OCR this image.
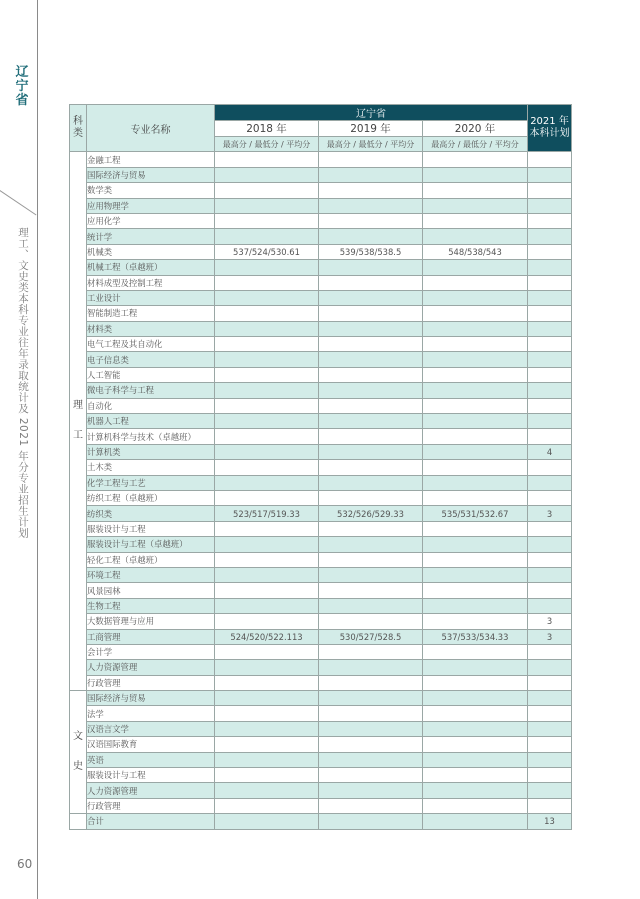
辽宁省
理工、文史类本科专业往年录取统计及 2021 年分专业招生计划
60
科
类	专业名称	辽宁省			2021 年
本科计划
		2018 年	2019 年	2020 年	
		最高分 / 最低分 / 平均分	最高分 / 最低分 / 平均分	最高分 / 最低分 / 平均分	

理
工	金融工程				
	国际经济与贸易				
	数学类				
	应用物理学				
	应用化学				
	统计学				
	机械类	537/524/530.61	539/538/538.5	548/538/543	
	机械工程（卓越班）				
	材料成型及控制工程				
	工业设计				
	智能制造工程				
	材料类				
	电气工程及其自动化				
	电子信息类				
	人工智能				
	微电子科学与工程				
	自动化				
	机器人工程				
	计算机科学与技术（卓越班）				
	计算机类				4
	土木类				
	化学工程与工艺				
	纺织工程（卓越班）				
	纺织类	523/517/519.33	532/526/529.33	535/531/532.67	3
	服装设计与工程				
	服装设计与工程（卓越班）				
	轻化工程（卓越班）				
	环境工程				
	风景园林				
	生物工程				
	大数据管理与应用				3
	工商管理	524/520/522.113	530/527/528.5	537/533/534.33	3
	会计学				
	人力资源管理				
	行政管理				

文
史	国际经济与贸易				
	法学				
	汉语言文学				
	汉语国际教育				
	英语				
	服装设计与工程				
	人力资源管理				
	行政管理				
	合计				13
